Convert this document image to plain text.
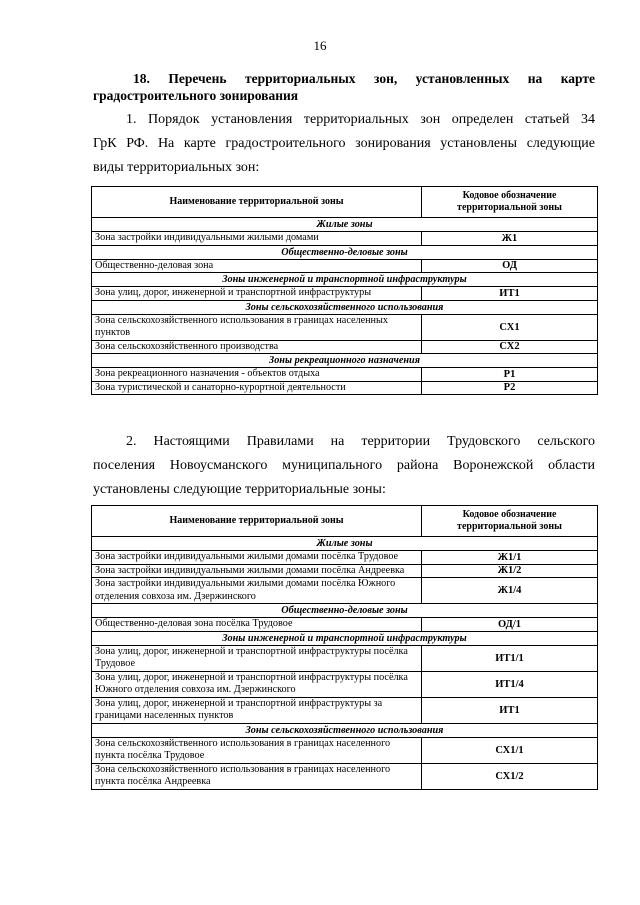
16
18. Перечень территориальных зон, установленных на карте
градостроительного зонирования
1. Порядок установления территориальных зон определен статьей 34
ГрК РФ. На карте градостроительного зонирования установлены следующие
виды территориальных зон:
Наименование территориальной зоны	Кодовое обозначение
территориальной зоны
Жилые зоны	
Зона застройки индивидуальными жилыми домами	Ж1
Общественно-деловые зоны	
Общественно-деловая зона	ОД
Зоны инженерной и транспортной инфраструктуры	
Зона улиц, дорог, инженерной и транспортной инфраструктуры	ИТ1
Зоны сельскохозяйственного использования	
Зона сельскохозяйственного использования в границах населенных пунктов	СХ1
Зона сельскохозяйственного производства	СХ2
Зоны рекреационного назначения	
Зона рекреационного назначения - объектов отдыха	Р1
Зона туристической и санаторно-курортной деятельности	Р2
2. Настоящими Правилами на территории Трудовского сельского
поселения Новоусманского муниципального района Воронежской области
установлены следующие территориальные зоны:
Наименование территориальной зоны	Кодовое обозначение
территориальной зоны
Жилые зоны	
Зона застройки индивидуальными жилыми домами посёлка Трудовое	Ж1/1
Зона застройки индивидуальными жилыми домами посёлка Андреевка	Ж1/2
Зона застройки индивидуальными жилыми домами посёлка Южного отделения совхоза им. Дзержинского	Ж1/4
Общественно-деловые зоны	
Общественно-деловая зона посёлка Трудовое	ОД/1
Зоны инженерной и транспортной инфраструктуры	
Зона улиц, дорог, инженерной и транспортной инфраструктуры посёлка Трудовое	ИТ1/1
Зона улиц, дорог, инженерной и транспортной инфраструктуры посёлка Южного отделения совхоза им. Дзержинского	ИТ1/4
Зона улиц, дорог, инженерной и транспортной инфраструктуры за границами населенных пунктов	ИТ1
Зоны сельскохозяйственного использования	
Зона сельскохозяйственного использования в границах населенного пункта посёлка Трудовое	СХ1/1
Зона сельскохозяйственного использования в границах населенного пункта посёлка Андреевка	СХ1/2
